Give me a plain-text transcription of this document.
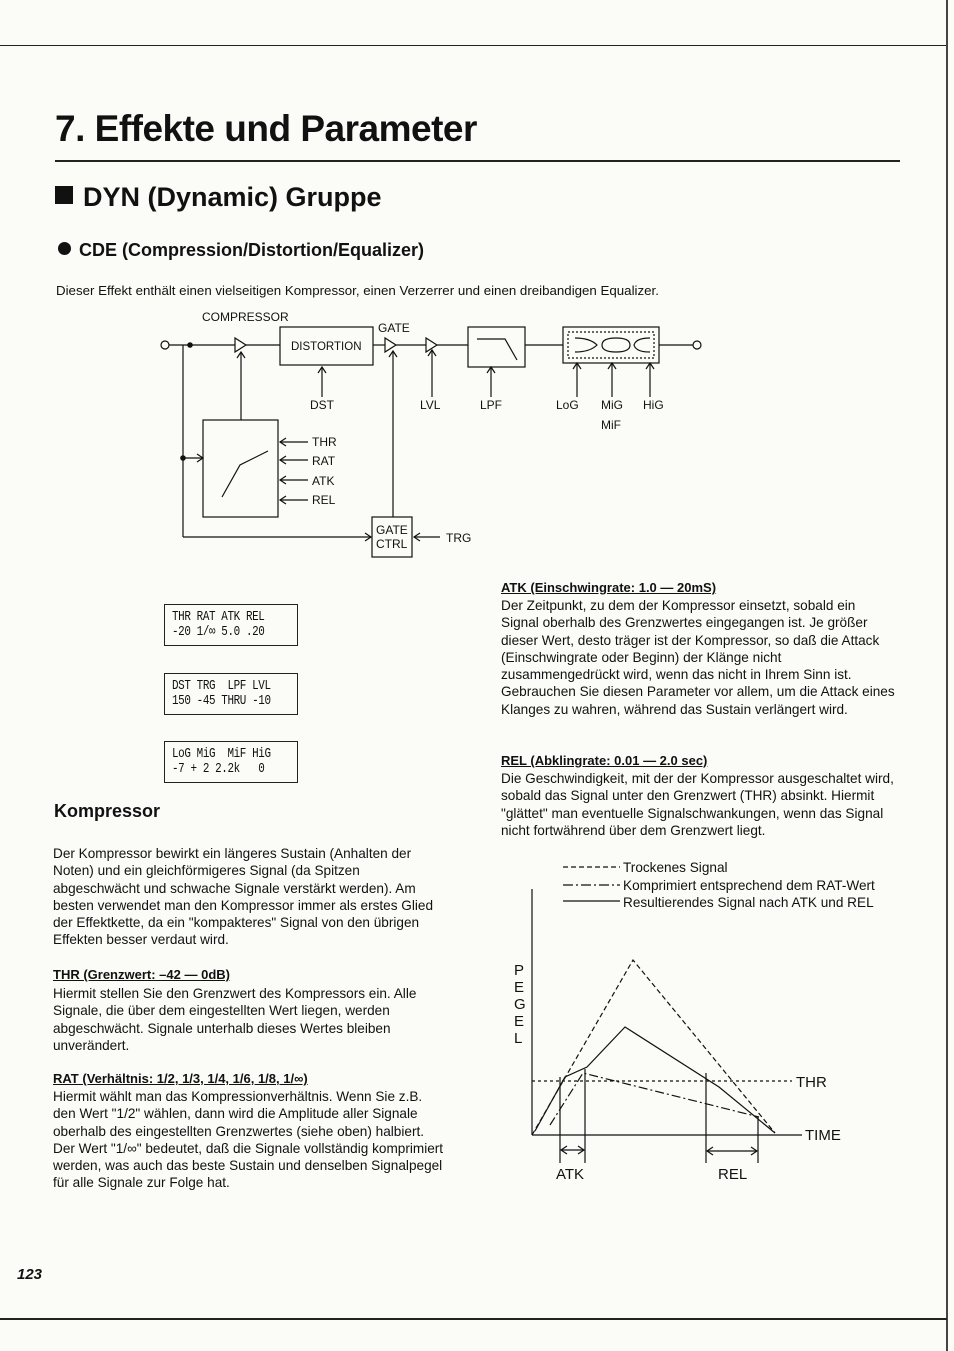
7. Effekte und Parameter
DYN (Dynamic) Gruppe
CDE (Compression/Distortion/Equalizer)
Dieser Effekt enthält einen vielseitigen Kompressor, einen Verzerrer und einen dreibandigen Equalizer.
COMPRESSOR
DISTORTION
GATE
DST	LVL	LPF	LoG MiG
MiF
HiG
THR
RAT
ATK
REL
GATE
CTRL	TRG
THR RAT ATK REL
-20 1/∞ 5.0 .20
DST TRG  LPF LVL
150 -45 THRU -10
LoG MiG  MiF HiG
-7 + 2 2.2k   0
Kompressor
Der Kompressor bewirkt ein längeres Sustain (Anhalten der Noten) und ein gleichförmigeres Signal (da Spitzen abgeschwächt und schwache Signale verstärkt werden). Am besten verwendet man den Kompressor immer als erstes Glied der Effektkette, da ein "kompakteres" Signal von den übrigen Effekten besser verdaut wird.
THR (Grenzwert: –42 — 0dB)
Hiermit stellen Sie den Grenzwert des Kompressors ein. Alle Signale, die über dem eingestellten Wert liegen, werden abgeschwächt. Signale unterhalb dieses Wertes bleiben unverändert.
RAT (Verhältnis: 1/2, 1/3, 1/4, 1/6, 1/8, 1/∞)
Hiermit wählt man das Kompressionverhältnis. Wenn Sie z.B. den Wert "1/2" wählen, dann wird die Amplitude aller Signale oberhalb des eingestellten Grenzwertes (siehe oben) halbiert. Der Wert "1/∞" bedeutet, daß die Signale vollständig komprimiert werden, was auch das beste Sustain und denselben Signalpegel für alle Signale zur Folge hat.
ATK (Einschwingrate: 1.0 — 20mS)
Der Zeitpunkt, zu dem der Kompressor einsetzt, sobald ein Signal oberhalb des Grenzwertes eingegangen ist. Je größer dieser Wert, desto träger ist der Kompressor, so daß die Attack (Einschwingrate oder Beginn) der Klänge nicht zusammengedrückt wird, wenn das nicht in Ihrem Sinn ist. Gebrauchen Sie diesen Parameter vor allem, um die Attack eines Klanges zu wahren, während das Sustain verlängert wird.
REL (Abklingrate: 0.01 — 2.0 sec)
Die Geschwindigkeit, mit der der Kompressor ausgeschaltet wird, sobald das Signal unter den Grenzwert (THR) absinkt. Hiermit "glättet" man eventuelle Signalschwankungen, wenn das Signal nicht fortwährend über dem Grenzwert liegt.
Trockenes Signal
Komprimiert entsprechend dem RAT-Wert
Resultierendes Signal nach ATK und REL
THR
TIME
ATK	REL
P
E
G
E
L
123
